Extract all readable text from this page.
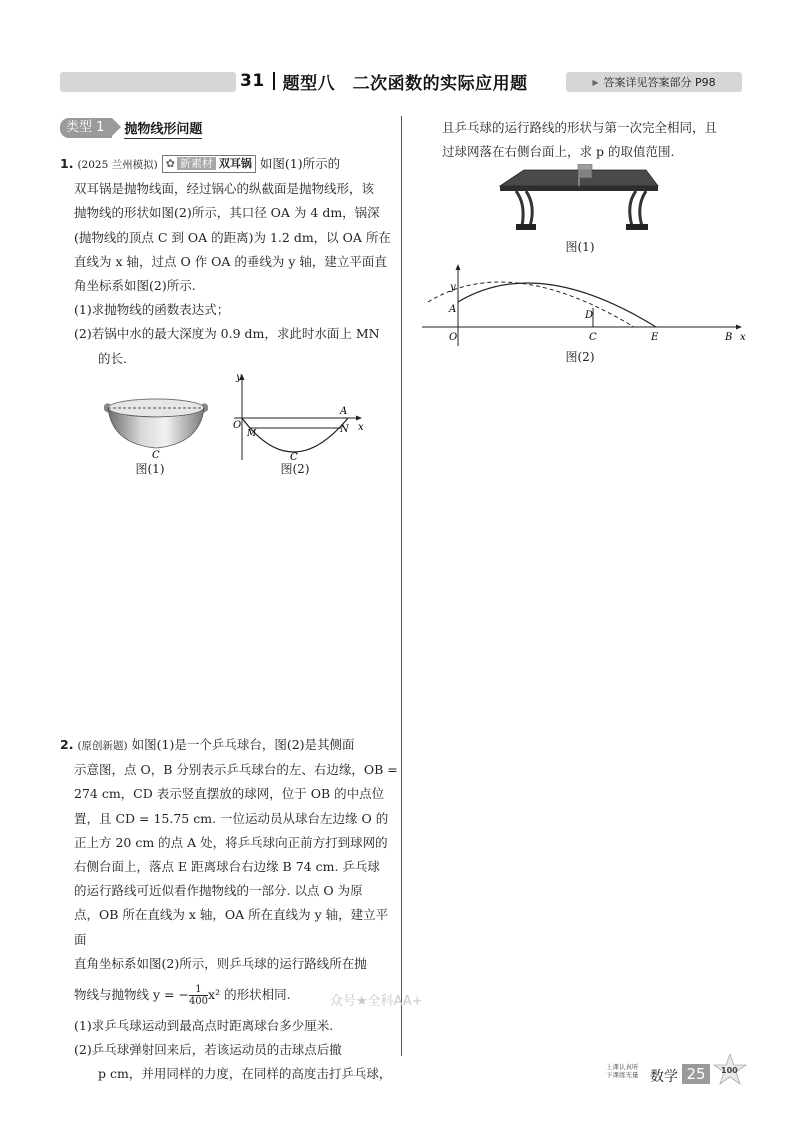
31 题型八　二次函数的实际应用题	▶ 答案详见答案部分 P98
类型 1	抛物线形问题
1. (2025 兰州模拟) ✿ 新素材 双耳锅 如图(1)所示的
双耳锅是抛物线面，经过锅心的纵截面是抛物线形，该
抛物线的形状如图(2)所示，其口径 OA 为 4 dm，锅深
(抛物线的顶点 C 到 OA 的距离)为 1.2 dm，以 OA 所在
直线为 x 轴，过点 O 作 OA 的垂线为 y 轴，建立平面直
角坐标系如图(2)所示.
(1)求抛物线的函数表达式；
(2)若锅中水的最大深度为 0.9 dm，求此时水面上 MN
的长.
C
图(1)
y
x
O
M
A
N
C
图(2)
2. (原创新题) 如图(1)是一个乒乓球台，图(2)是其侧面
示意图，点 O，B 分别表示乒乓球台的左、右边缘，OB =
274 cm，CD 表示竖直摆放的球网，位于 OB 的中点位
置，且 CD = 15.75 cm. 一位运动员从球台左边缘 O 的
正上方 20 cm 的点 A 处，将乒乓球向正前方打到球网的
右侧台面上，落点 E 距离球台右边缘 B 74 cm. 乒乓球
的运行路线可近似看作抛物线的一部分. 以点 O 为原
点，OB 所在直线为 x 轴，OA 所在直线为 y 轴，建立平面
直角坐标系如图(2)所示，则乒乓球的运行路线所在抛
物线与抛物线 y = − $\frac{1}{400} x^2$ 的形状相同.
(1)求乒乓球运动到最高点时距离球台多少厘米.
(2)乒乓球弹射回来后，若该运动员的击球点后撤
p cm，并用同样的力度，在同样的高度击打乒乓球，
且乒乓球的运行路线的形状与第一次完全相同，且
过球网落在右侧台面上，求 p 的取值范围.
图(1)
y
x
A
D
O	C	E	B
图(2)
众号★全科AA+
上课认真听
下课练无量 数学 25	100
